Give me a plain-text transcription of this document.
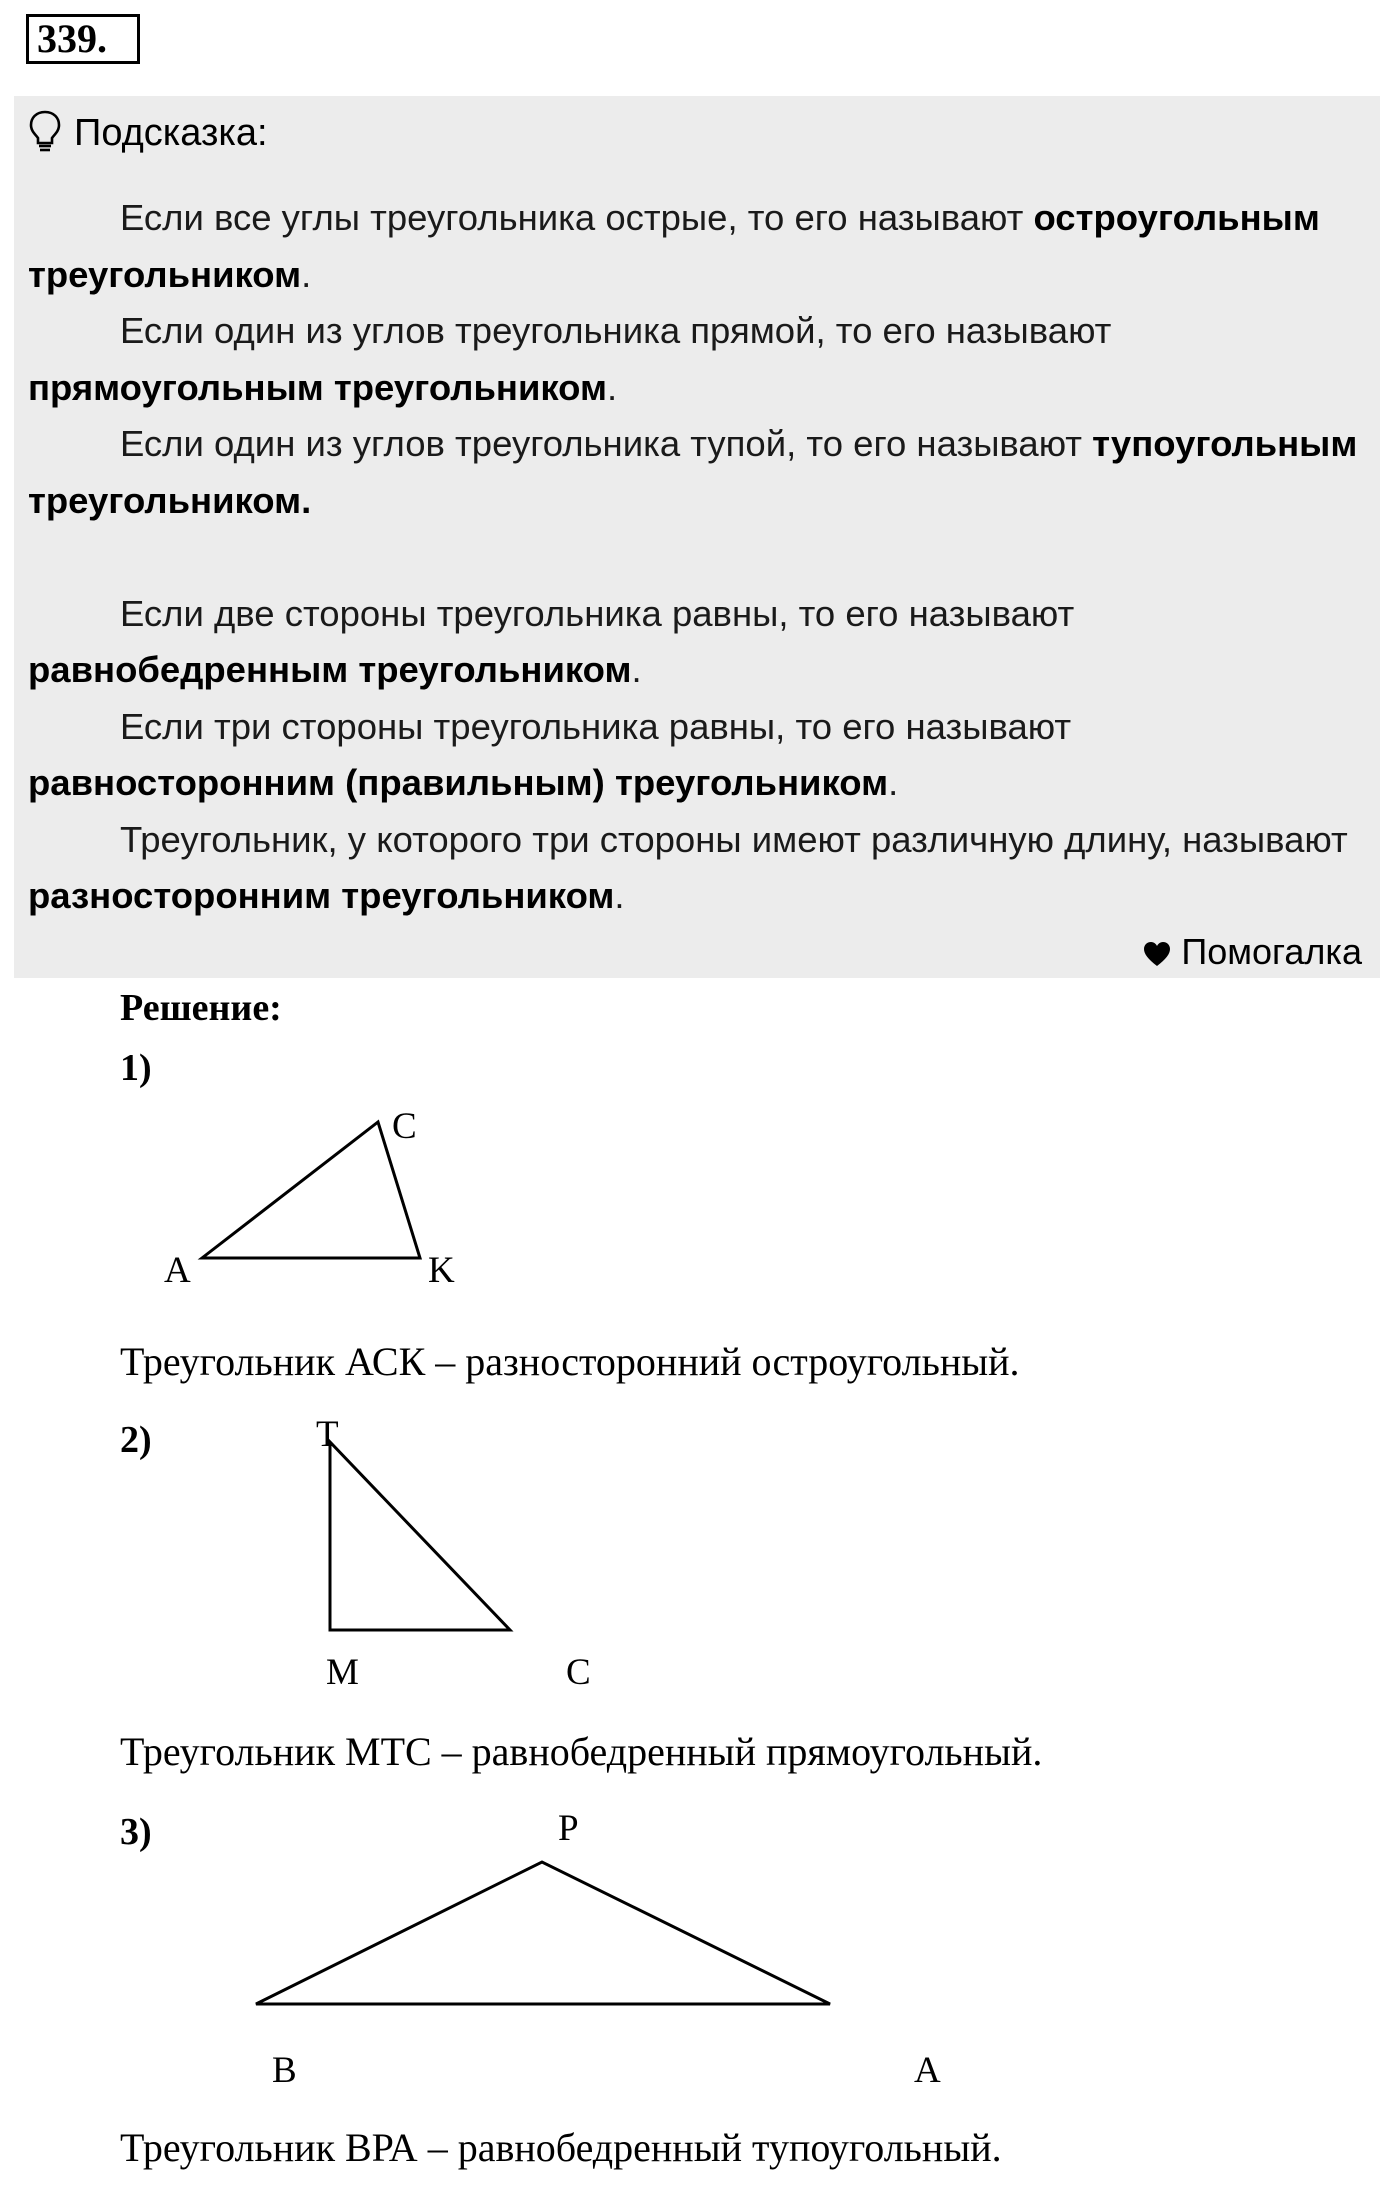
339.
Подсказка:

Если все углы треугольника острые, то его называют остроугольным треугольником.

Если один из углов треугольника прямой, то его называют прямоугольным треугольником.

Если один из углов треугольника тупой, то его называют тупоугольным треугольником.

Если две стороны треугольника равны, то его называют равнобедренным треугольником.

Если три стороны треугольника равны, то его называют равносторонним (правильным) треугольником.

Треугольник, у которого три стороны имеют различную длину, называют разносторонним треугольником.

Помогалка
Решение:
1)
A
C
K
Треугольник АСК – разносторонний остроугольный.
2)	T
M	C
Треугольник МТС – равнобедренный прямоугольный.
3)	P
B	A
Треугольник ВРА – равнобедренный тупоугольный.
